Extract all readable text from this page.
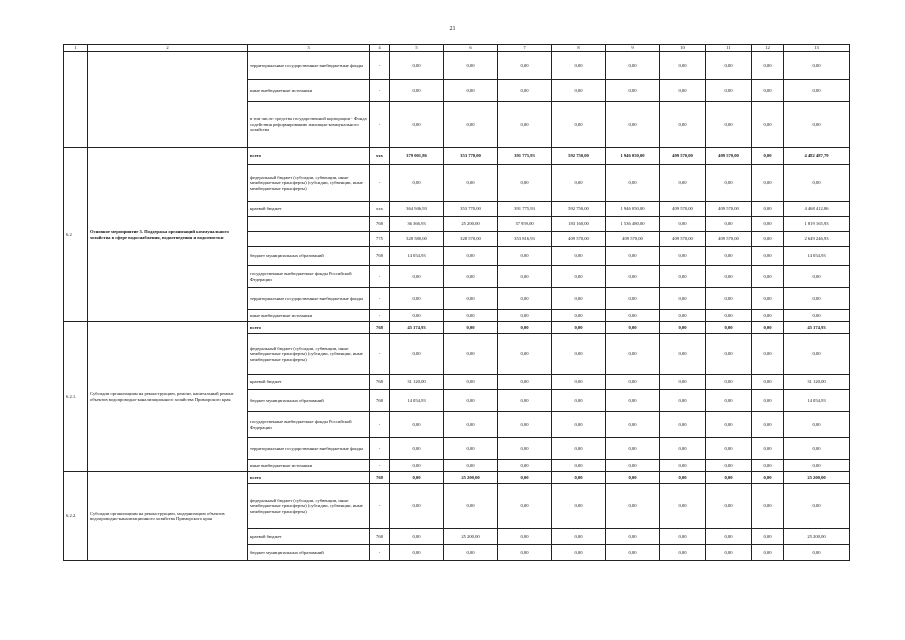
21
1	2	3	4	5	6	7	8	9	10	11	12	13
		территориальные государственные внебюджетные фонды	-	0,00	0,00	0,00	0,00	0,00	0,00	0,00	0,00	0,00
		иные внебюджетные источники	-	0,00	0,00	0,00	0,00	0,00	0,00	0,00	0,00	0,00
		в том числе: средства государственной корпорации - Фонда содействия реформированию жилищно-коммунального хозяйства	-	0,00	0,00	0,00	0,00	0,00	0,00	0,00	0,00	0,00
6.2	Основное мероприятие 3. Поддержка организаций коммунального хозяйства в сфере водоснабжения, водоотведения и водоочистки	всего	ххх	379 001,86	353 770,00	391 775,93	592 750,00	1 946 050,00	409 570,00	409 570,00	0,00	4 482 487,79
		федеральный бюджет (субсидии, субвенции, иные межбюджетные трансферты) (субсидии, субвенции, иные межбюджетные трансферты)	-	0,00	0,00	0,00	0,00	0,00	0,00	0,00	0,00	0,00
		краевой бюджет	ххх	364 946,93	353 770,00	391 775,93	592 750,00	1 946 050,00	409 570,00	409 570,00	0,00	4 468 412,86
			768	36 366,93	25 200,00	37 959,00	183 160,00	1 536 480,00	0,00	0,00	0,00	1 819 165,93
			775	328 580,00	328 570,00	353 816,93	409 570,00	409 570,00	409 570,00	409 570,00	0,00	2 649 246,93
		бюджет муниципальных образований	768	14 054,93	0,00	0,00	0,00	0,00	0,00	0,00	0,00	14 054,93
		государственные внебюджетные фонды Российской Федерации	-	0,00	0,00	0,00	0,00	0,00	0,00	0,00	0,00	0,00
		территориальные государственные внебюджетные фонды	-	0,00	0,00	0,00	0,00	0,00	0,00	0,00	0,00	0,00
		иные внебюджетные источники	-	0,00	0,00	0,00	0,00	0,00	0,00	0,00	0,00	0,00
6.2.1.	Субсидии организациям на реконструкцию, ремонт, капитальный ремонт объектов водопроводно-канализационного хозяйства Приморского края	всего	768	45 174,93	0,00	0,00	0,00	0,00	0,00	0,00	0,00	45 174,93
		федеральный бюджет (субсидии, субвенции, иные межбюджетные трансферты) (субсидии, субвенции, иные межбюджетные трансферты)	-	0,00	0,00	0,00	0,00	0,00	0,00	0,00	0,00	0,00
		краевой бюджет	768	31 120,00	0,00	0,00	0,00	0,00	0,00	0,00	0,00	31 120,00
		бюджет муниципальных образований	768	14 054,93	0,00	0,00	0,00	0,00	0,00	0,00	0,00	14 054,93
		государственные внебюджетные фонды Российской Федерации	-	0,00	0,00	0,00	0,00	0,00	0,00	0,00	0,00	0,00
		территориальные государственные внебюджетные фонды	-	0,00	0,00	0,00	0,00	0,00	0,00	0,00	0,00	0,00
		иные внебюджетные источники	-	0,00	0,00	0,00	0,00	0,00	0,00	0,00	0,00	0,00
6.2.2.	Субсидии организациям на реконструкцию, модернизацию объектов водопроводно-канализационного хозяйства Приморского края	всего	768	0,00	25 200,00	0,00	0,00	0,00	0,00	0,00	0,00	25 200,00
		федеральный бюджет (субсидии, субвенции, иные межбюджетные трансферты) (субсидии, субвенции, иные межбюджетные трансферты)	-	0,00	0,00	0,00	0,00	0,00	0,00	0,00	0,00	0,00
		краевой бюджет	768	0,00	25 200,00	0,00	0,00	0,00	0,00	0,00	0,00	25 200,00
		бюджет муниципальных образований	-	0,00	0,00	0,00	0,00	0,00	0,00	0,00	0,00	0,00
